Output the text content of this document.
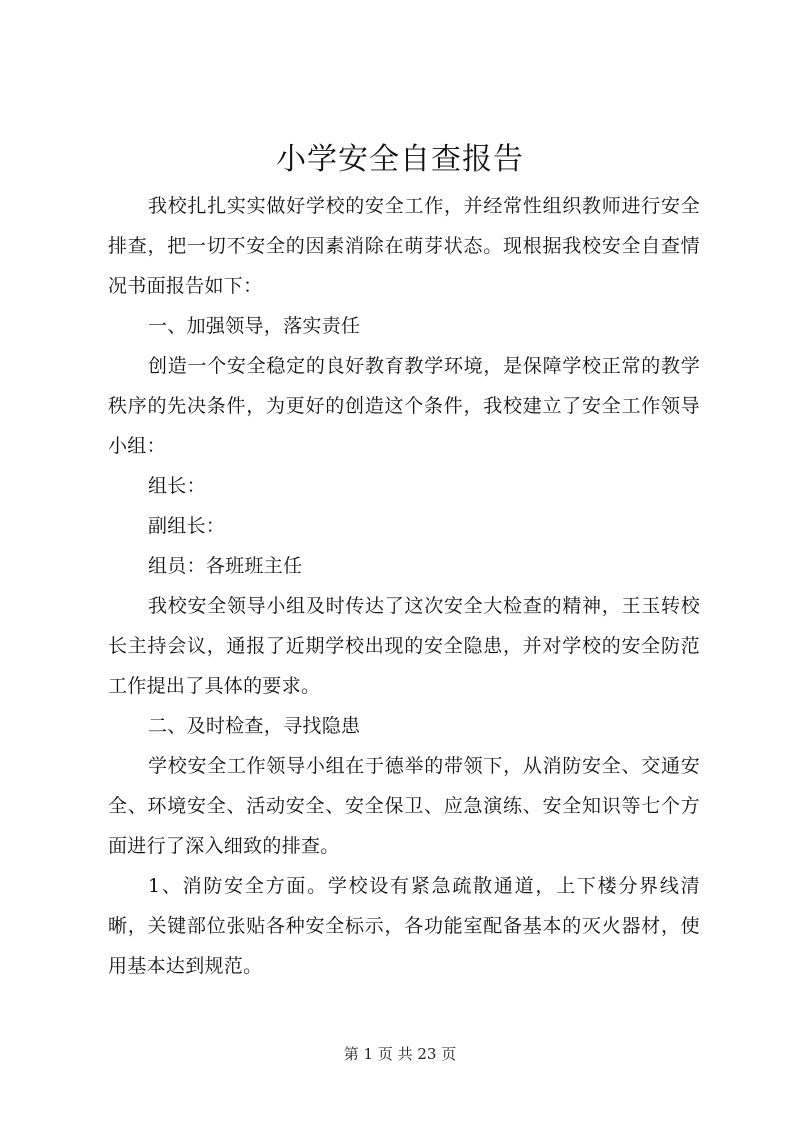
小学安全自查报告

我校扎扎实实做好学校的安全工作，并经常性组织教师进行安全排查，把一切不安全的因素消除在萌芽状态。现根据我校安全自查情况书面报告如下：

一、加强领导，落实责任

创造一个安全稳定的良好教育教学环境，是保障学校正常的教学秩序的先决条件，为更好的创造这个条件，我校建立了安全工作领导小组：

组长：

副组长：

组员：各班班主任

我校安全领导小组及时传达了这次安全大检查的精神，王玉转校长主持会议，通报了近期学校出现的安全隐患，并对学校的安全防范工作提出了具体的要求。

二、及时检查，寻找隐患

学校安全工作领导小组在于德举的带领下，从消防安全、交通安全、环境安全、活动安全、安全保卫、应急演练、安全知识等七个方面进行了深入细致的排查。

1、消防安全方面。学校设有紧急疏散通道，上下楼分界线清晰，关键部位张贴各种安全标示，各功能室配备基本的灭火器材，使用基本达到规范。

第 1 页 共 23 页
